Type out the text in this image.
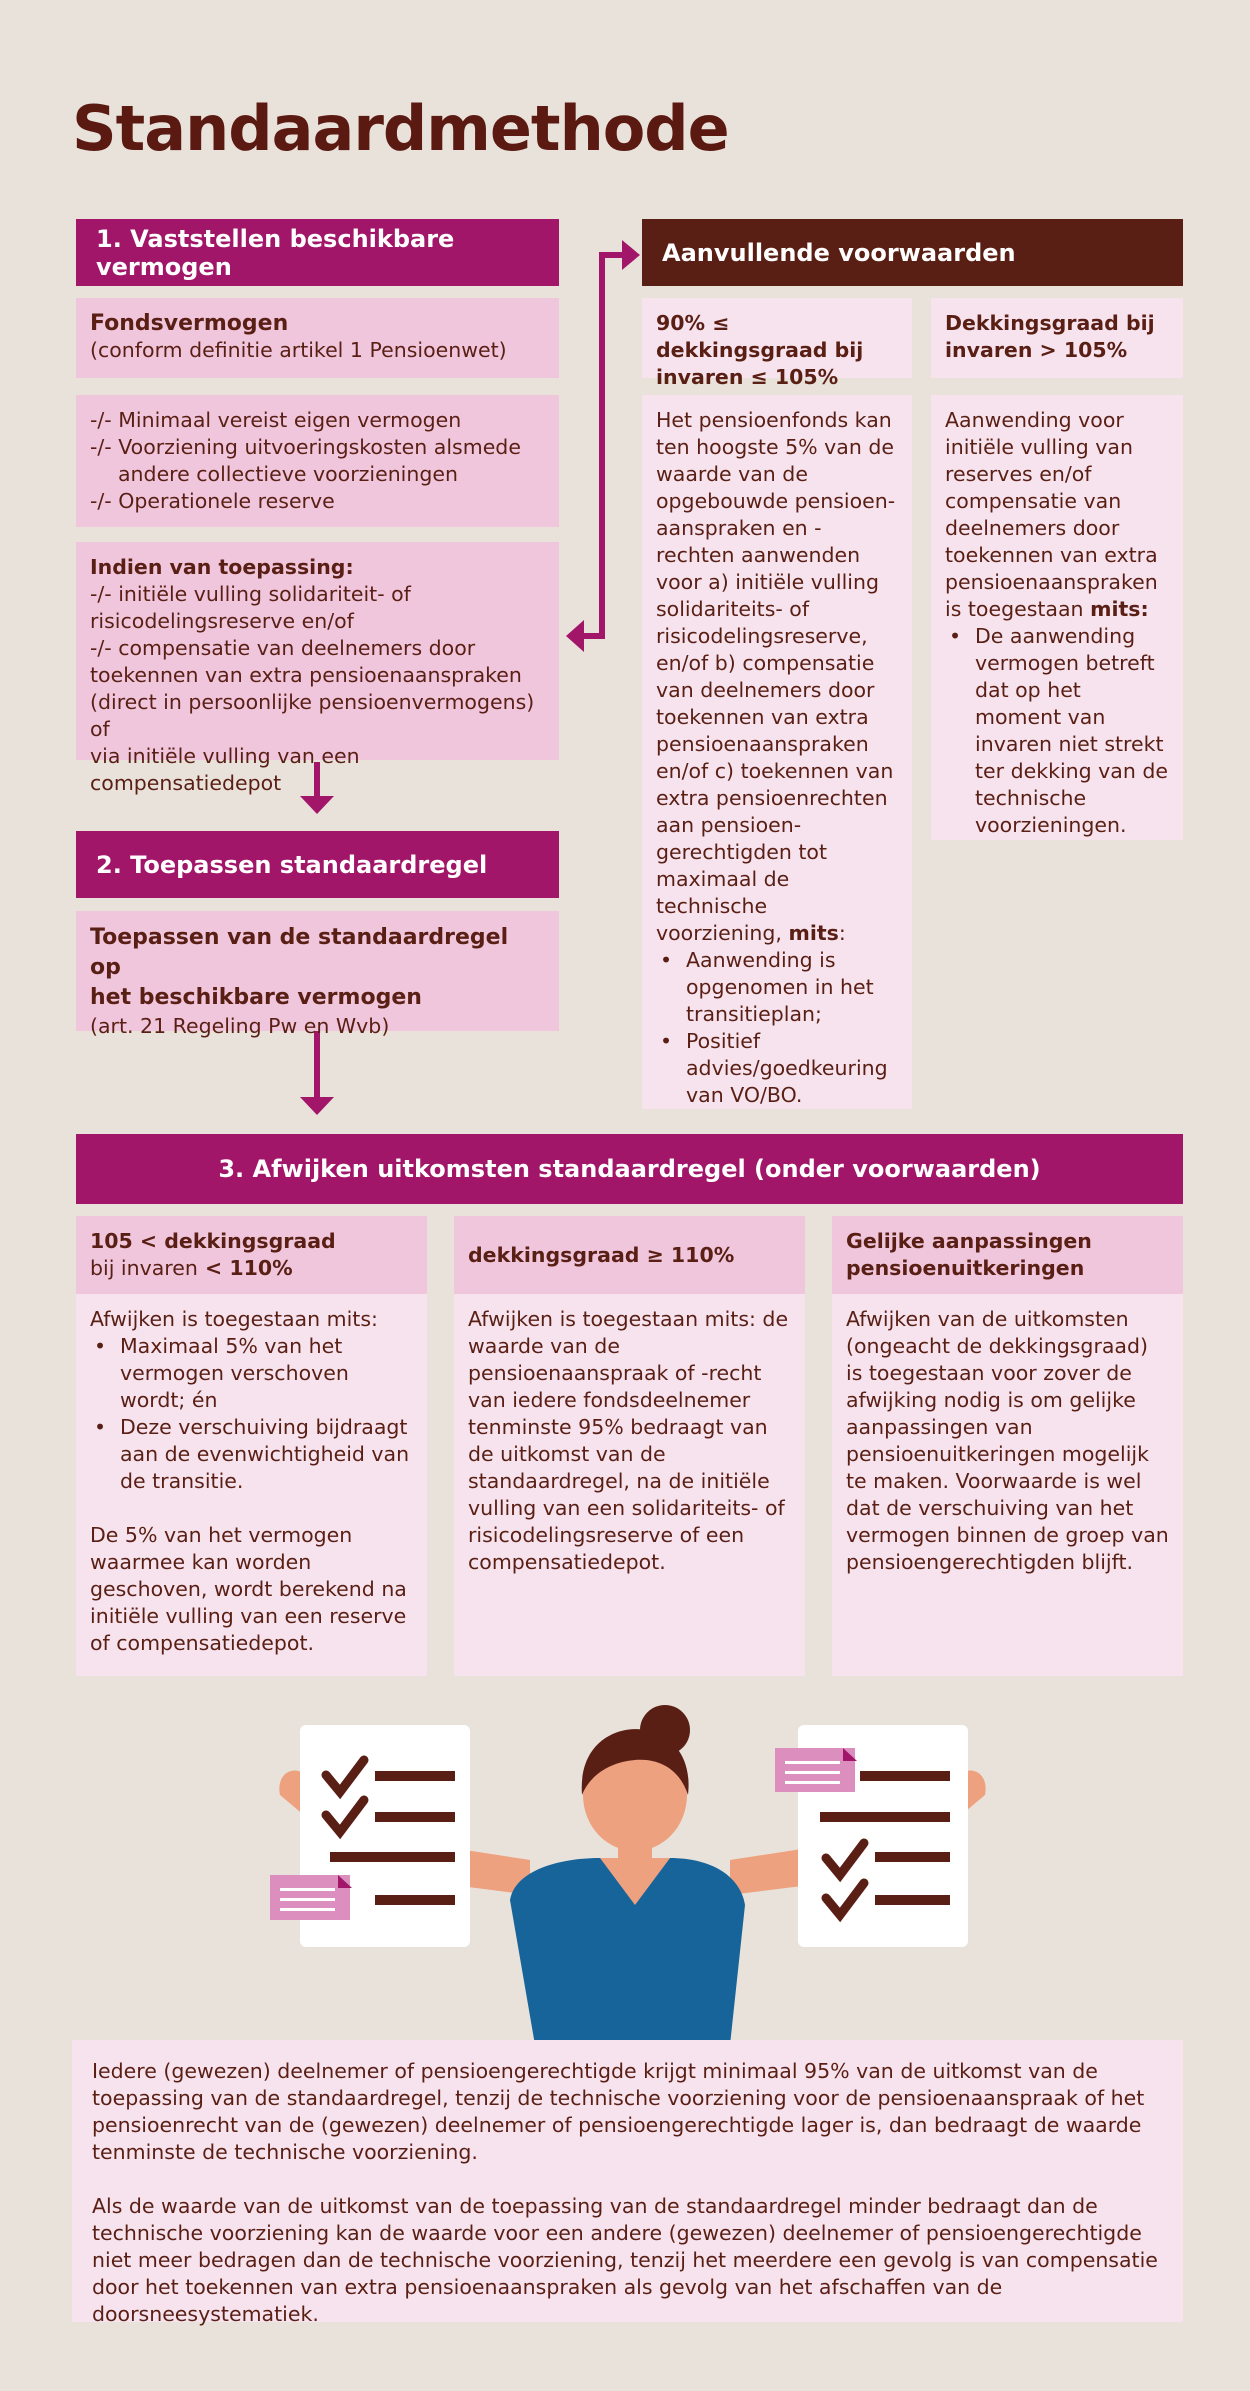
Standaardmethode
1. Vaststellen beschikbare vermogen
Fondsvermogen
(conform definitie artikel 1 Pensioenwet)
-/- Minimaal vereist eigen vermogen
-/- Voorziening uitvoeringskosten alsmede
andere collectieve voorzieningen
-/- Operationele reserve
Indien van toepassing:
-/- initiële vulling solidariteit- of
risicodelingsreserve en/of
-/- compensatie van deelnemers door
toekennen van extra pensioenaanspraken
(direct in persoonlijke pensioenvermogens) of
via initiële vulling van een compensatiedepot
2. Toepassen standaardregel
Toepassen van de standaardregel op
het beschikbare vermogen
(art. 21 Regeling Pw en Wvb)
Aanvullende voorwaarden
90% ≤ dekkingsgraad bij invaren ≤ 105%
Dekkingsgraad bij invaren > 105%
Het pensioenfonds kan ten hoogste 5% van de waarde van de opgebouwde pensioen-aanspraken en -rechten aanwenden voor a) initiële vulling solidariteits- of risicodelingsreserve, en/of b) compensatie van deelnemers door toekennen van extra pensioenaanspraken en/of c) toekennen van extra pensioenrechten aan pensioen-gerechtigden tot maximaal de technische voorziening, mits:
• Aanwending is opgenomen in het transitieplan;
• Positief advies/goedkeuring van VO/BO.
Aanwending voor initiële vulling van reserves en/of compensatie van deelnemers door toekennen van extra pensioenaanspraken is toegestaan mits:
• De aanwending vermogen betreft dat op het moment van invaren niet strekt ter dekking van de technische voorzieningen.
3. Afwijken uitkomsten standaardregel (onder voorwaarden)
105 < dekkingsgraad
bij invaren < 110%
dekkingsgraad ≥ 110%
Gelijke aanpassingen pensioenuitkeringen
Afwijken is toegestaan mits:
• Maximaal 5% van het vermogen verschoven wordt; én
• Deze verschuiving bijdraagt aan de evenwichtigheid van de transitie.
De 5% van het vermogen waarmee kan worden geschoven, wordt berekend na initiële vulling van een reserve of compensatiedepot.
Afwijken is toegestaan mits: de waarde van de pensioenaanspraak of -recht van iedere fondsdeelnemer tenminste 95% bedraagt van de uitkomst van de standaardregel, na de initiële vulling van een solidariteits- of risicodelingsreserve of een compensatiedepot.
Afwijken van de uitkomsten (ongeacht de dekkingsgraad) is toegestaan voor zover de afwijking nodig is om gelijke aanpassingen van pensioenuitkeringen mogelijk te maken. Voorwaarde is wel dat de verschuiving van het vermogen binnen de groep van pensioengerechtigden blijft.

Iedere (gewezen) deelnemer of pensioengerechtigde krijgt minimaal 95% van de uitkomst van de toepassing van de standaardregel, tenzij de technische voorziening voor de pensioenaanspraak of het pensioenrecht van de (gewezen) deelnemer of pensioengerechtigde lager is, dan bedraagt de waarde tenminste de technische voorziening.

Als de waarde van de uitkomst van de toepassing van de standaardregel minder bedraagt dan de technische voorziening kan de waarde voor een andere (gewezen) deelnemer of pensioengerechtigde niet meer bedragen dan de technische voorziening, tenzij het meerdere een gevolg is van compensatie door het toekennen van extra pensioenaanspraken als gevolg van het afschaffen van de doorsneesystematiek.
